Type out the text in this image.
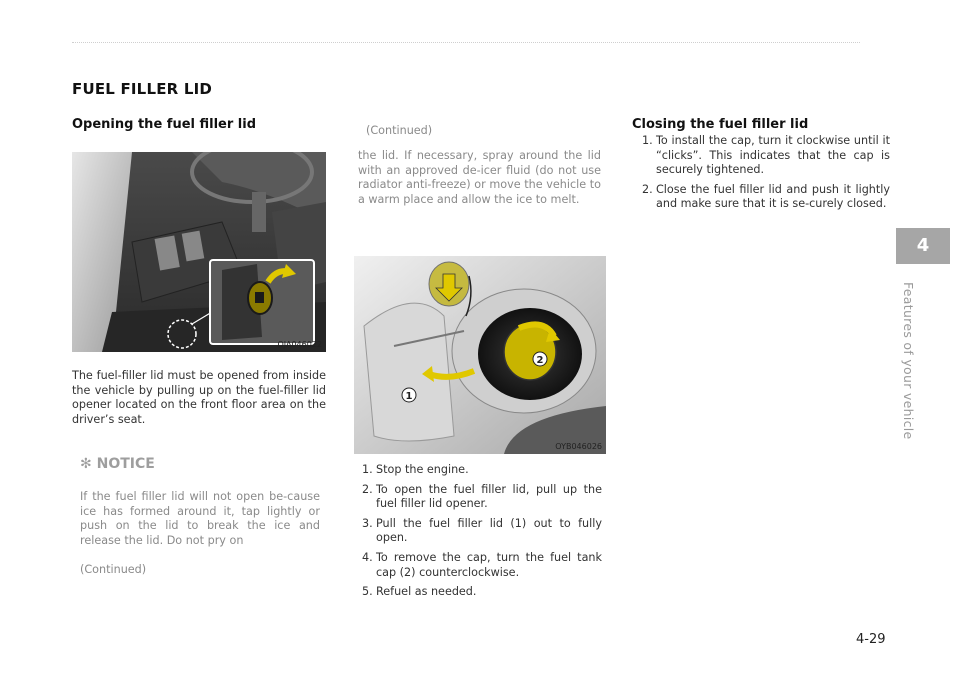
FUEL FILLER LID
Opening the fuel filler lid
OJA046022
The fuel-filler lid must be opened from inside the vehicle by pulling up on the fuel-filler lid opener located on the front floor area on the driver’s seat.
✻ NOTICE
If the fuel filler lid will not open be-cause ice has formed around it, tap lightly or push on the lid to break the ice and release the lid. Do not pry on
(Continued)
(Continued)
the lid. If necessary, spray around the lid with an approved de-icer fluid (do not use radiator anti-freeze) or move the vehicle to a warm place and allow the ice to melt.
2
1
OYB046026
1. Stop the engine.
2. To open the fuel filler lid, pull up the fuel filler lid opener.
3. Pull the fuel filler lid (1) out to fully open.
4. To remove the cap, turn the fuel tank cap (2) counterclockwise.
5. Refuel as needed.
Closing the fuel filler lid
1. To install the cap, turn it clockwise until it “clicks”. This indicates that the cap is securely tightened.
2. Close the fuel filler lid and push it lightly and make sure that it is se-curely closed.
4
Features of your vehicle
4-29
